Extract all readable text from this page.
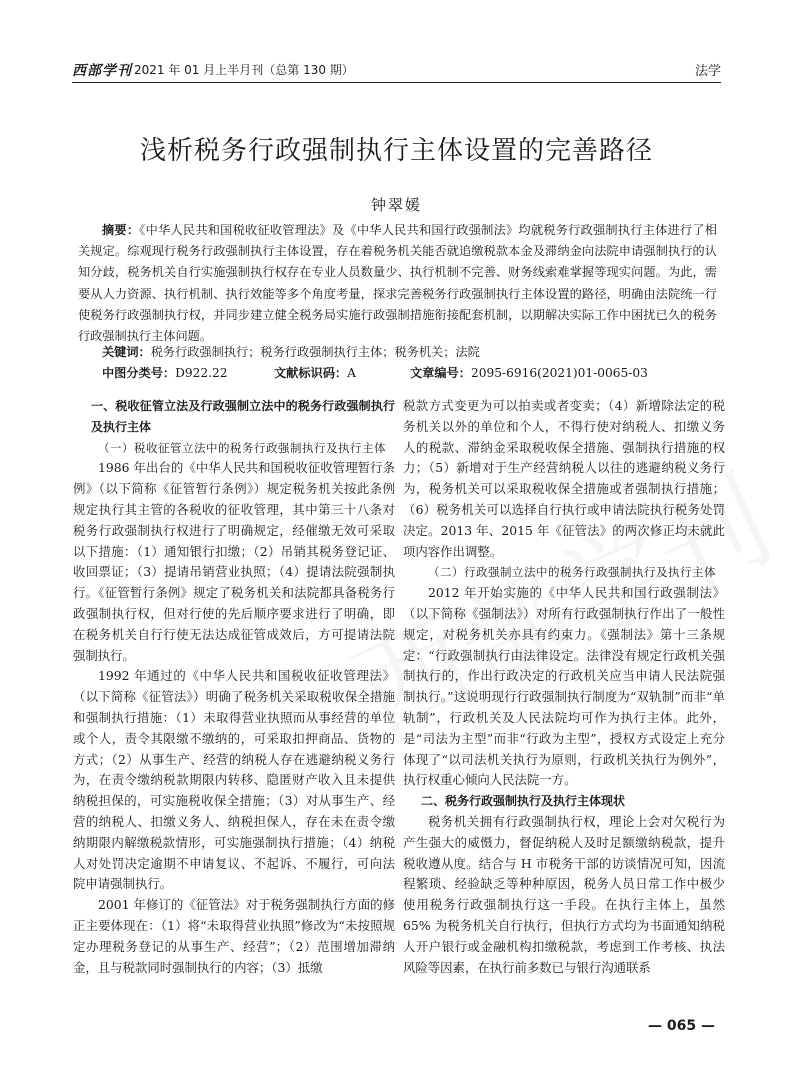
西部学刊 2021 年 01 月上半月刊（总第 130 期）	法学
浅析税务行政强制执行主体设置的完善路径
钟翠媛
摘要：《中华人民共和国税收征收管理法》及《中华人民共和国行政强制法》均就税务行政强制执行主体进行了相关规定。综观现行税务行政强制执行主体设置，存在着税务机关能否就追缴税款本金及滞纳金向法院申请强制执行的认知分歧，税务机关自行实施强制执行权存在专业人员数量少、执行机制不完善、财务线索难掌握等现实问题。为此，需要从人力资源、执行机制、执行效能等多个角度考量，探求完善税务行政强制执行主体设置的路径，明确由法院统一行使税务行政强制执行权，并同步建立健全税务局实施行政强制措施衔接配套机制，以期解决实际工作中困扰已久的税务行政强制执行主体问题。
关键词：税务行政强制执行；税务行政强制执行主体；税务机关；法院
中图分类号：D922.22	文献标识码：A	文章编号：2095-6916(2021)01-0065-03

一、税收征管立法及行政强制立法中的税务行政强制执行及执行主体

（一）税收征管立法中的税务行政强制执行及执行主体

1986 年出台的《中华人民共和国税收征收管理暂行条例》（以下简称《征管暂行条例》）规定税务机关按此条例规定执行其主管的各税收的征收管理，其中第三十八条对税务行政强制执行权进行了明确规定，经催缴无效可采取以下措施：（1）通知银行扣缴；（2）吊销其税务登记证、收回票证；（3）提请吊销营业执照；（4）提请法院强制执行。《征管暂行条例》规定了税务机关和法院都具备税务行政强制执行权，但对行使的先后顺序要求进行了明确，即在税务机关自行行使无法达成征管成效后，方可提请法院强制执行。

1992 年通过的《中华人民共和国税收征收管理法》（以下简称《征管法》）明确了税务机关采取税收保全措施和强制执行措施：（1）未取得营业执照而从事经营的单位或个人，责令其限缴不缴纳的，可采取扣押商品、货物的方式；（2）从事生产、经营的纳税人存在逃避纳税义务行为，在责令缴纳税款期限内转移、隐匿财产收入且未提供纳税担保的，可实施税收保全措施；（3）对从事生产、经营的纳税人、扣缴义务人、纳税担保人，存在未在责令缴纳期限内解缴税款情形，可实施强制执行措施；（4）纳税人对处罚决定逾期不申请复议、不起诉、不履行，可向法院申请强制执行。

2001 年修订的《征管法》对于税务强制执行方面的修正主要体现在：（1）将“未取得营业执照”修改为“未按照规定办理税务登记的从事生产、经营”；（2）范围增加滞纳金，且与税款同时强制执行的内容；（3）抵缴

税款方式变更为可以拍卖或者变卖；（4）新增除法定的税务机关以外的单位和个人，不得行使对纳税人、扣缴义务人的税款、滞纳金采取税收保全措施、强制执行措施的权力；（5）新增对于生产经营纳税人以往的逃避纳税义务行为，税务机关可以采取税收保全措施或者强制执行措施；（6）税务机关可以选择自行执行或申请法院执行税务处罚决定。2013 年、2015 年《征管法》的两次修正均未就此项内容作出调整。

（二）行政强制立法中的税务行政强制执行及执行主体

2012 年开始实施的《中华人民共和国行政强制法》（以下简称《强制法》）对所有行政强制执行作出了一般性规定，对税务机关亦具有约束力。《强制法》第十三条规定：“行政强制执行由法律设定。法律没有规定行政机关强制执行的，作出行政决定的行政机关应当申请人民法院强制执行。”这说明现行行政强制执行制度为“双轨制”而非“单轨制”，行政机关及人民法院均可作为执行主体。此外，是“司法为主型”而非“行政为主型”，授权方式设定上充分体现了“以司法机关执行为原则，行政机关执行为例外”，执行权重心倾向人民法院一方。

二、税务行政强制执行及执行主体现状

税务机关拥有行政强制执行权，理论上会对欠税行为产生强大的威慑力，督促纳税人及时足额缴纳税款，提升税收遵从度。结合与 H 市税务干部的访谈情况可知，因流程繁琐、经验缺乏等种种原因，税务人员日常工作中极少使用税务行政强制执行这一手段。在执行主体上，虽然 65% 为税务机关自行执行，但执行方式均为书面通知纳税人开户银行或金融机构扣缴税款，考虑到工作考核、执法风险等因素，在执行前多数已与银行沟通联系

— 065 —
